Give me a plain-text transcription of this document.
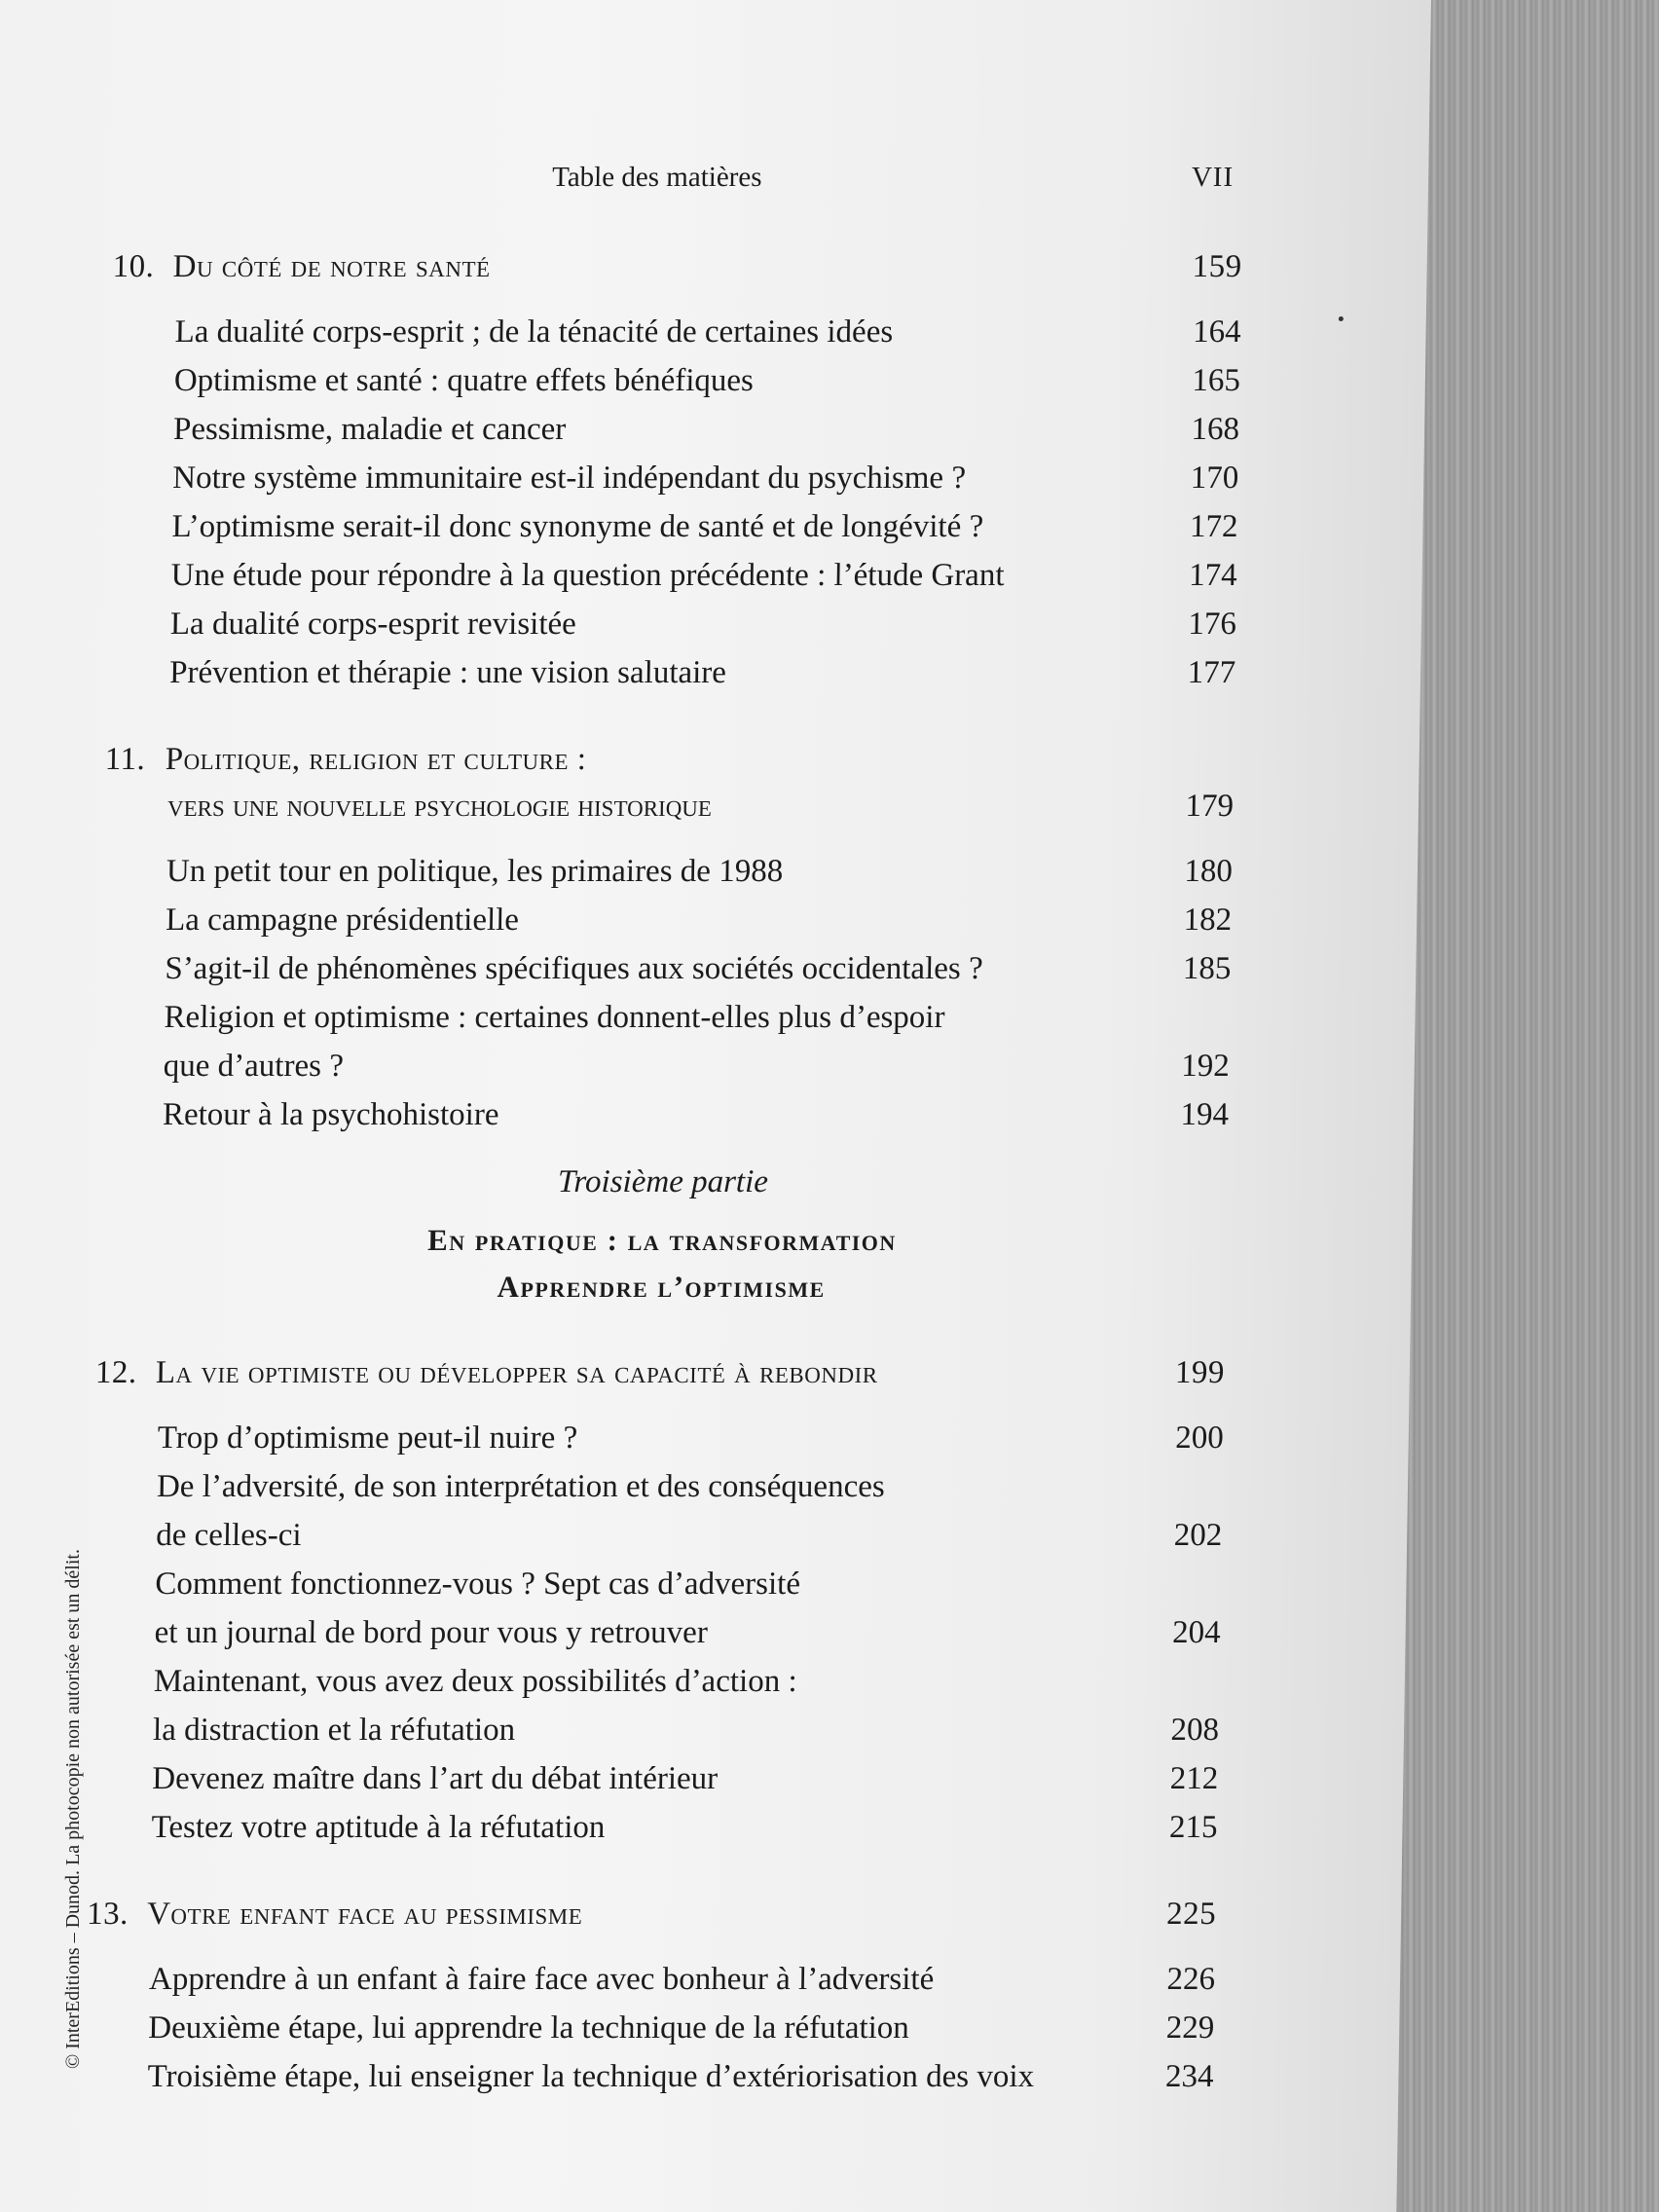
Table des matières	VII
10. Du côté de notre santé	159
La dualité corps-esprit ; de la ténacité de certaines idées	164
Optimisme et santé : quatre effets bénéfiques	165
Pessimisme, maladie et cancer	168
Notre système immunitaire est-il indépendant du psychisme ?	170
L’optimisme serait-il donc synonyme de santé et de longévité ?	172
Une étude pour répondre à la question précédente : l’étude Grant	174
La dualité corps-esprit revisitée	176
Prévention et thérapie : une vision salutaire	177
11. Politique, religion et culture :
vers une nouvelle psychologie historique	179
Un petit tour en politique, les primaires de 1988	180
La campagne présidentielle	182
S’agit-il de phénomènes spécifiques aux sociétés occidentales ?	185
Religion et optimisme : certaines donnent-elles plus d’espoir
que d’autres ?	192
Retour à la psychohistoire	194
Troisième partie
En pratique : la transformation
Apprendre l’optimisme
12. La vie optimiste ou développer sa capacité à rebondir	199
Trop d’optimisme peut-il nuire ?	200
De l’adversité, de son interprétation et des conséquences
de celles-ci	202
Comment fonctionnez-vous ? Sept cas d’adversité
et un journal de bord pour vous y retrouver	204
Maintenant, vous avez deux possibilités d’action :
la distraction et la réfutation	208
Devenez maître dans l’art du débat intérieur	212
Testez votre aptitude à la réfutation	215
13. Votre enfant face au pessimisme	225
Apprendre à un enfant à faire face avec bonheur à l’adversité	226
Deuxième étape, lui apprendre la technique de la réfutation	229
Troisième étape, lui enseigner la technique d’extériorisation des voix	234
© InterEditions – Dunod. La photocopie non autorisée est un délit.
